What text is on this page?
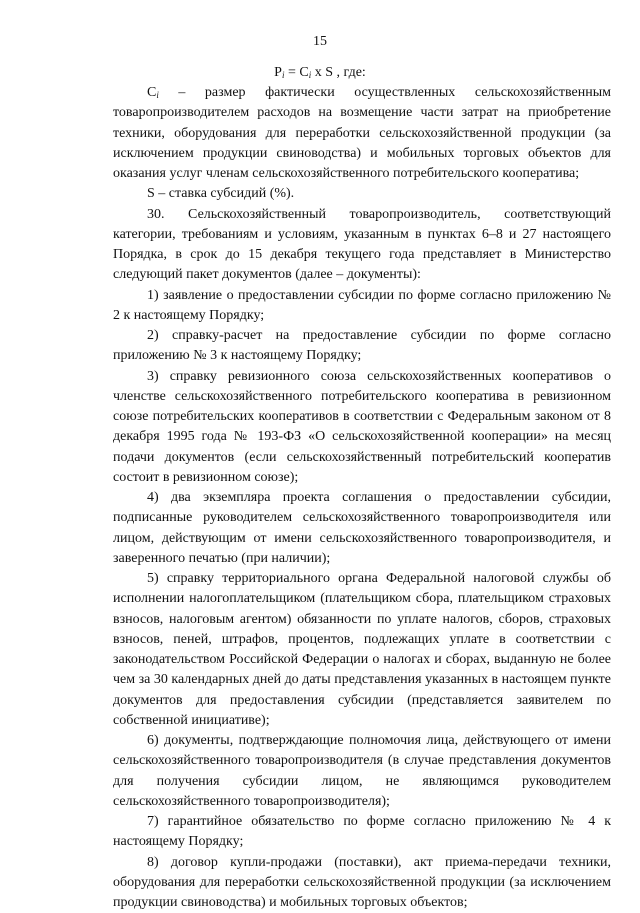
15
$P_i = C_i$ x S , где:

$C_i$ – размер фактически осуществленных сельскохозяйственным товаропроизводителем расходов на возмещение части затрат на приобретение техники, оборудования для переработки сельскохозяйственной продукции (за исключением продукции свиноводства) и мобильных торговых объектов для оказания услуг членам сельскохозяйственного потребительского кооператива;

S – ставка субсидий (%).

30. Сельскохозяйственный товаропроизводитель, соответствующий категории, требованиям и условиям, указанным в пунктах 6–8 и 27 настоящего Порядка, в срок до 15 декабря текущего года представляет в Министерство следующий пакет документов (далее – документы):

1) заявление о предоставлении субсидии по форме согласно приложению № 2 к настоящему Порядку;

2) справку-расчет на предоставление субсидии по форме согласно приложению № 3 к настоящему Порядку;

3) справку ревизионного союза сельскохозяйственных кооперативов о членстве сельскохозяйственного потребительского кооператива в ревизионном союзе потребительских кооперативов в соответствии с Федеральным законом от 8 декабря 1995 года № 193-ФЗ «О сельскохозяйственной кооперации» на месяц подачи документов (если сельскохозяйственный потребительский кооператив состоит в ревизионном союзе);

4) два экземпляра проекта соглашения о предоставлении субсидии, подписанные руководителем сельскохозяйственного товаропроизводителя или лицом, действующим от имени сельскохозяйственного товаропроизводителя, и заверенного печатью (при наличии);

5) справку территориального органа Федеральной налоговой службы об исполнении налогоплательщиком (плательщиком сбора, плательщиком страховых взносов, налоговым агентом) обязанности по уплате налогов, сборов, страховых взносов, пеней, штрафов, процентов, подлежащих уплате в соответствии с законодательством Российской Федерации о налогах и сборах, выданную не более чем за 30 календарных дней до даты представления указанных в настоящем пункте документов для предоставления субсидии (представляется заявителем по собственной инициативе);

6) документы, подтверждающие полномочия лица, действующего от имени сельскохозяйственного товаропроизводителя (в случае представления документов для получения субсидии лицом, не являющимся руководителем сельскохозяйственного товаропроизводителя);

7) гарантийное обязательство по форме согласно приложению № 4 к настоящему Порядку;

8) договор купли-продажи (поставки), акт приема-передачи техники, оборудования для переработки сельскохозяйственной продукции (за исключением продукции свиноводства) и мобильных торговых объектов;
